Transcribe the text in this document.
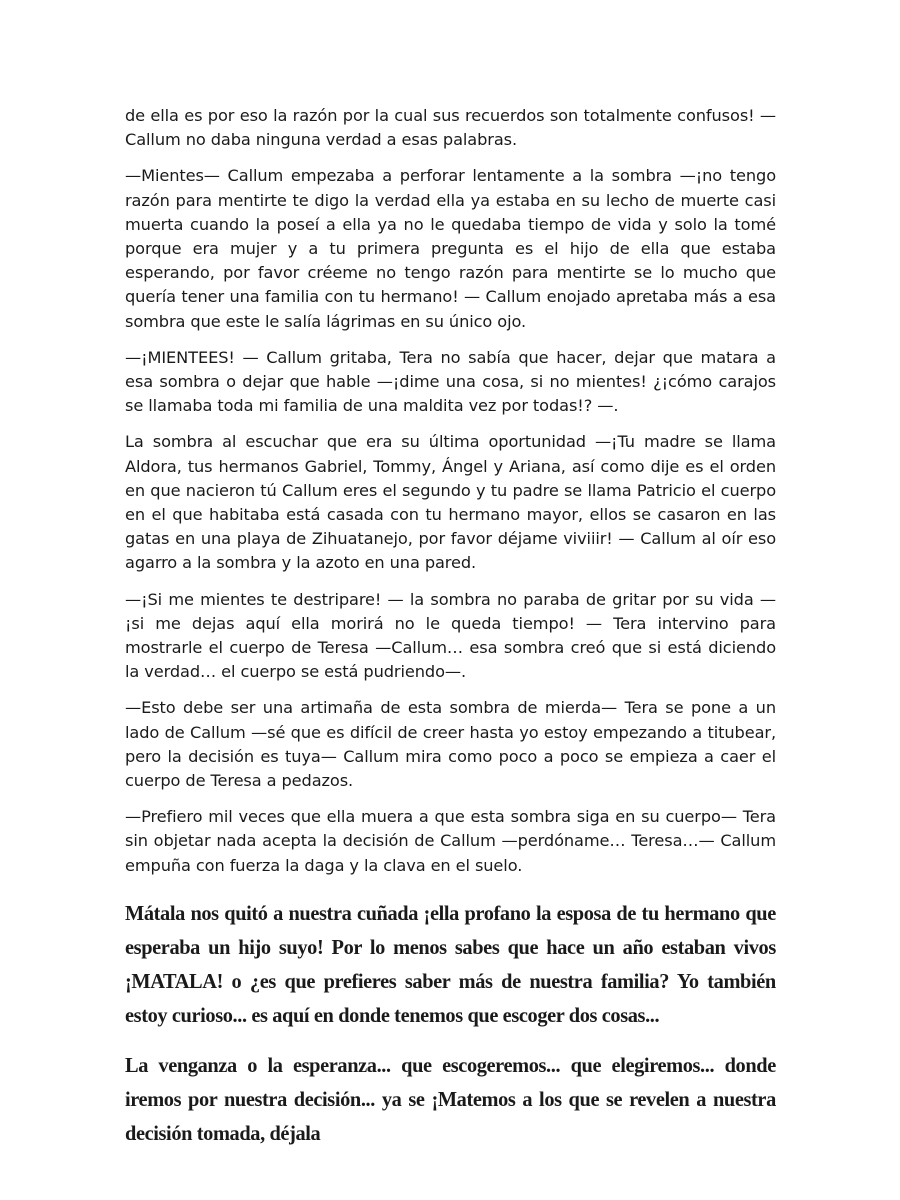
de ella es por eso la razón por la cual sus recuerdos son totalmente confusos! — Callum no daba ninguna verdad a esas palabras.

—Mientes— Callum empezaba a perforar lentamente a la sombra —¡no tengo razón para mentirte te digo la verdad ella ya estaba en su lecho de muerte casi muerta cuando la poseí a ella ya no le quedaba tiempo de vida y solo la tomé porque era mujer y a tu primera pregunta es el hijo de ella que estaba esperando, por favor créeme no tengo razón para mentirte se lo mucho que quería tener una familia con tu hermano! — Callum enojado apretaba más a esa sombra que este le salía lágrimas en su único ojo.

—¡MIENTEES! — Callum gritaba, Tera no sabía que hacer, dejar que matara a esa sombra o dejar que hable —¡dime una cosa, si no mientes! ¿¡cómo carajos se llamaba toda mi familia de una maldita vez por todas!? —.

La sombra al escuchar que era su última oportunidad —¡Tu madre se llama Aldora, tus hermanos Gabriel, Tommy, Ángel y Ariana, así como dije es el orden en que nacieron tú Callum eres el segundo y tu padre se llama Patricio el cuerpo en el que habitaba está casada con tu hermano mayor, ellos se casaron en las gatas en una playa de Zihuatanejo, por favor déjame viviiir! — Callum al oír eso agarro a la sombra y la azoto en una pared.

—¡Si me mientes te destripare! — la sombra no paraba de gritar por su vida —¡si me dejas aquí ella morirá no le queda tiempo! — Tera intervino para mostrarle el cuerpo de Teresa —Callum… esa sombra creó que si está diciendo la verdad… el cuerpo se está pudriendo—.

—Esto debe ser una artimaña de esta sombra de mierda— Tera se pone a un lado de Callum —sé que es difícil de creer hasta yo estoy empezando a titubear, pero la decisión es tuya— Callum mira como poco a poco se empieza a caer el cuerpo de Teresa a pedazos.

—Prefiero mil veces que ella muera a que esta sombra siga en su cuerpo— Tera sin objetar nada acepta la decisión de Callum —perdóname… Teresa…— Callum empuña con fuerza la daga y la clava en el suelo.

Mátala nos quitó a nuestra cuñada ¡ella profano la esposa de tu hermano que esperaba un hijo suyo! Por lo menos sabes que hace un año estaban vivos ¡MATALA! o ¿es que prefieres saber más de nuestra familia? Yo también estoy curioso... es aquí en donde tenemos que escoger dos cosas...

La venganza o la esperanza... que escogeremos... que elegiremos... donde iremos por nuestra decisión... ya se ¡Matemos a los que se revelen a nuestra decisión tomada, déjala
